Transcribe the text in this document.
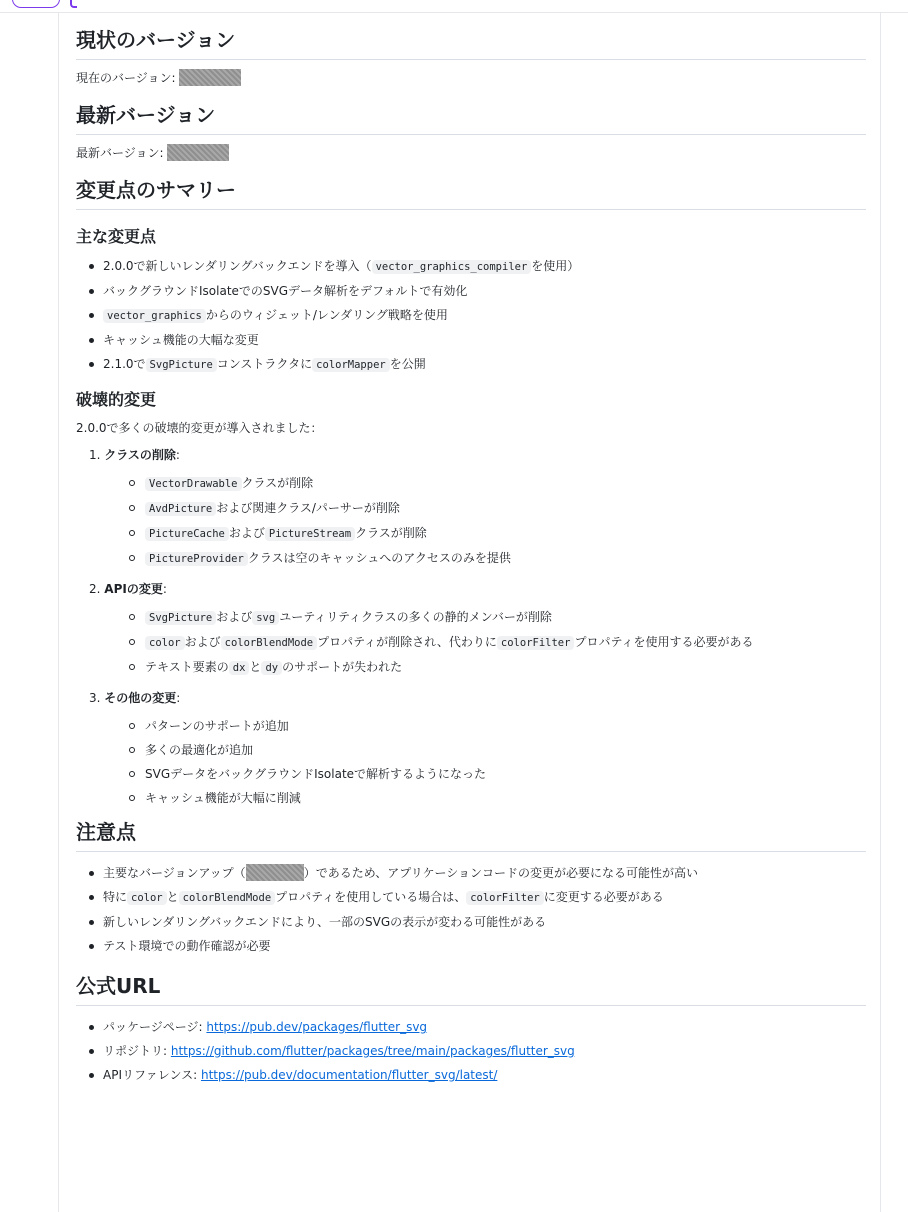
現状のバージョン

現在のバージョン:

最新バージョン

最新バージョン:

変更点のサマリー
主な変更点
2.0.0で新しいレンダリングバックエンドを導入（ vector_graphics_compiler を使用）
バックグラウンドIsolateでのSVGデータ解析をデフォルトで有効化
vector_graphics からのウィジェット/レンダリング戦略を使用
キャッシュ機能の大幅な変更
2.1.0で SvgPicture コンストラクタに colorMapper を公開
破壊的変更

2.0.0で多くの破壊的変更が導入されました：

1. クラスの削除:
VectorDrawable クラスが削除
AvdPicture および関連クラス/パーサーが削除
PictureCache および PictureStream クラスが削除
PictureProvider クラスは空のキャッシュへのアクセスのみを提供
2. APIの変更:
SvgPicture および svg ユーティリティクラスの多くの静的メンバーが削除
color および colorBlendMode プロパティが削除され、代わりに colorFilter プロパティを使用する必要がある
テキスト要素の dx と dy のサポートが失われた
3. その他の変更:
パターンのサポートが追加
多くの最適化が追加
SVGデータをバックグラウンドIsolateで解析するようになった
キャッシュ機能が大幅に削減
注意点
主要なバージョンアップ（	）であるため、アプリケーションコードの変更が必要になる可能性が高い
特に color と colorBlendMode プロパティを使用している場合は、 colorFilter に変更する必要がある
新しいレンダリングバックエンドにより、一部のSVGの表示が変わる可能性がある
テスト環境での動作確認が必要
公式URL
パッケージページ: https://pub.dev/packages/flutter_svg
リポジトリ: https://github.com/flutter/packages/tree/main/packages/flutter_svg
APIリファレンス: https://pub.dev/documentation/flutter_svg/latest/
